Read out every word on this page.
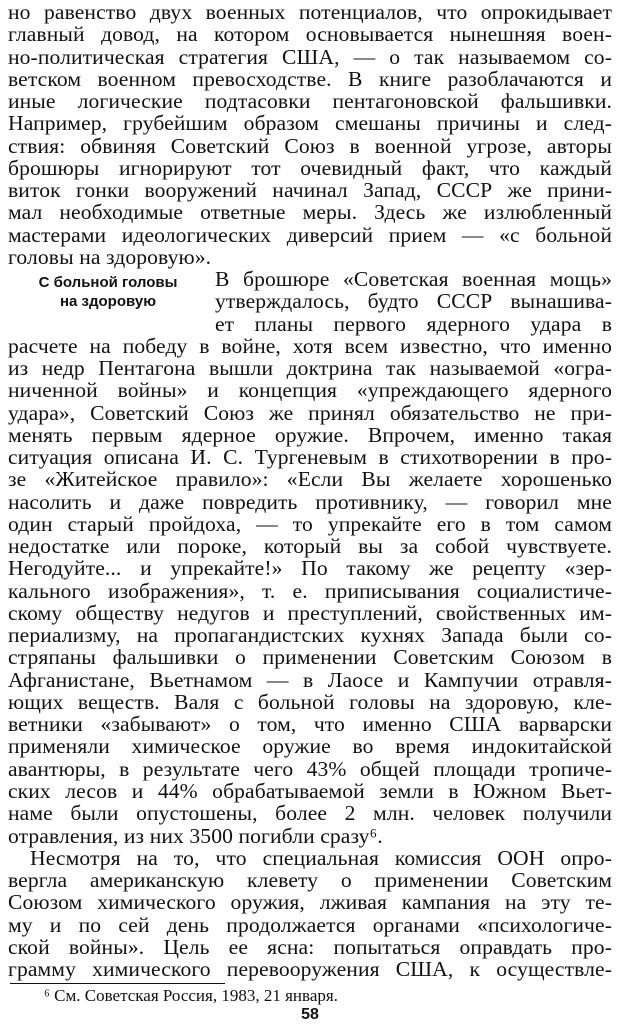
С больной головы
на здоровую
но равенство двух военных потенциалов, что опрокидывает
главный довод, на котором основывается нынешняя воен-
но-политическая стратегия США, — о так называемом со-
ветском военном превосходстве. В книге разоблачаются и
иные логические подтасовки пентагоновской фальшивки.
Например, грубейшим образом смешаны причины и след-
ствия: обвиняя Советский Союз в военной угрозе, авторы
брошюры игнорируют тот очевидный факт, что каждый
виток гонки вооружений начинал Запад, СССР же прини-
мал необходимые ответные меры. Здесь же излюбленный
мастерами идеологических диверсий прием — «с больной
головы на здоровую».
В брошюре «Советская военная мощь»
утверждалось, будто СССР вынашива-
ет планы первого ядерного удара в
расчете на победу в войне, хотя всем известно, что именно
из недр Пентагона вышли доктрина так называемой «огра-
ниченной войны» и концепция «упреждающего ядерного
удара», Советский Союз же принял обязательство не при-
менять первым ядерное оружие. Впрочем, именно такая
ситуация описана И. С. Тургеневым в стихотворении в про-
зе «Житейское правило»: «Если Вы желаете хорошенько
насолить и даже повредить противнику, — говорил мне
один старый пройдоха, — то упрекайте его в том самом
недостатке или пороке, который вы за собой чувствуете.
Негодуйте... и упрекайте!» По такому же рецепту «зер-
кального изображения», т. е. приписывания социалистиче-
скому обществу недугов и преступлений, свойственных им-
периализму, на пропагандистских кухнях Запада были со-
стряпаны фальшивки о применении Советским Союзом в
Афганистане, Вьетнамом — в Лаосе и Кампучии отравля-
ющих веществ. Валя с больной головы на здоровую, кле-
ветники «забывают» о том, что именно США варварски
применяли химическое оружие во время индокитайской
авантюры, в результате чего 43% общей площади тропиче-
ских лесов и 44% обрабатываемой земли в Южном Вьет-
наме были опустошены, более 2 млн. человек получили
отравления, из них 3500 погибли сразу⁶.
Несмотря на то, что специальная комиссия ООН опро-
вергла американскую клевету о применении Советским
Союзом химического оружия, лживая кампания на эту те-
му и по сей день продолжается органами «психологиче-
ской войны». Цель ее ясна: попытаться оправдать про-
⁶ См. Советская Россия, 1983, 21 января.
58
грамму химического перевооружения США, к осуществле-
